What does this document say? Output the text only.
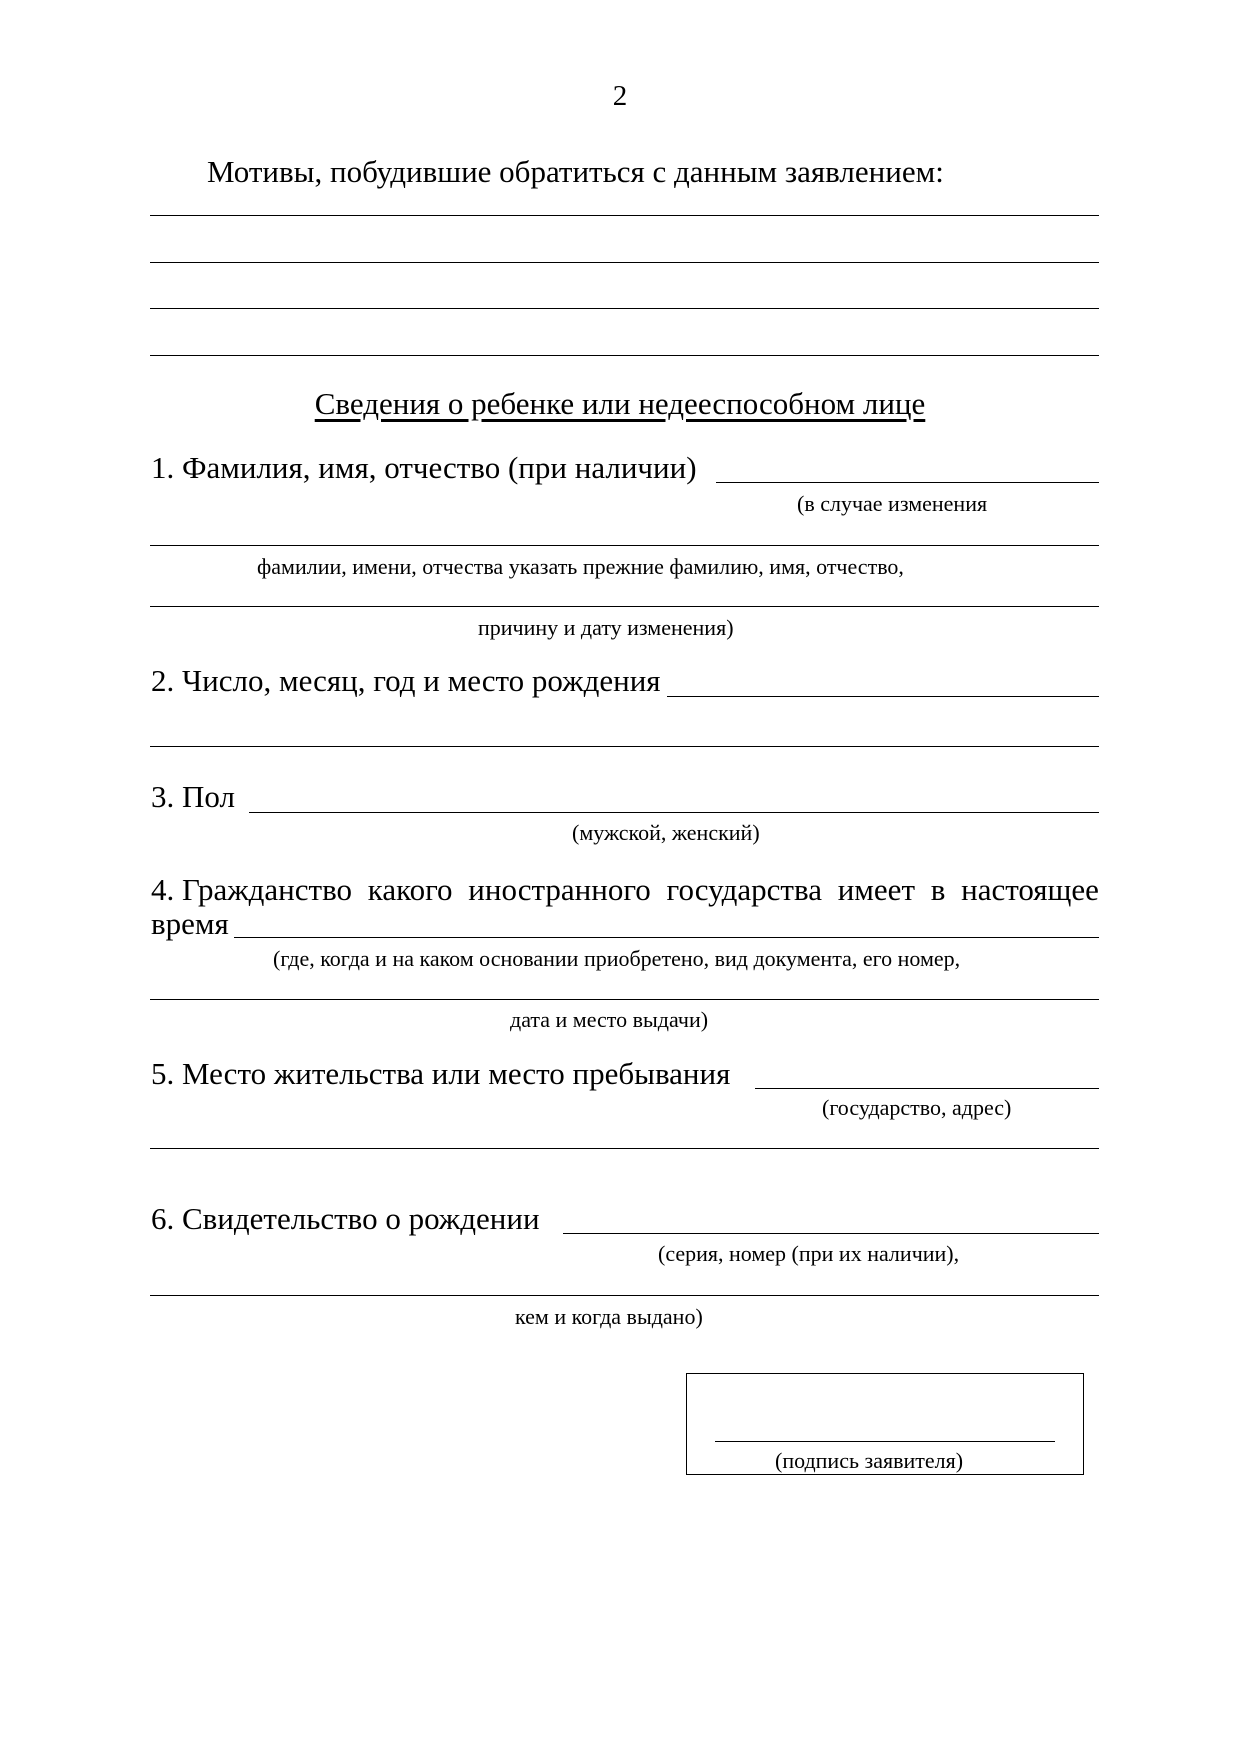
2
Мотивы, побудившие обратиться с данным заявлением:
Сведения о ребенке или недееспособном лице
1. Фамилия, имя, отчество (при наличии)
(в случае изменения
фамилии, имени, отчества указать прежние фамилию, имя, отчество,
причину и дату изменения)
2. Число, месяц, год и место рождения
3. Пол
(мужской, женский)
4. Гражданство какого иностранного государства имеет в настоящее
время
(где, когда и на каком основании приобретено, вид документа, его номер,
дата и место выдачи)
5. Место жительства или место пребывания
(государство, адрес)
6. Свидетельство о рождении
(серия, номер (при их наличии),
кем и когда выдано)
(подпись заявителя)
